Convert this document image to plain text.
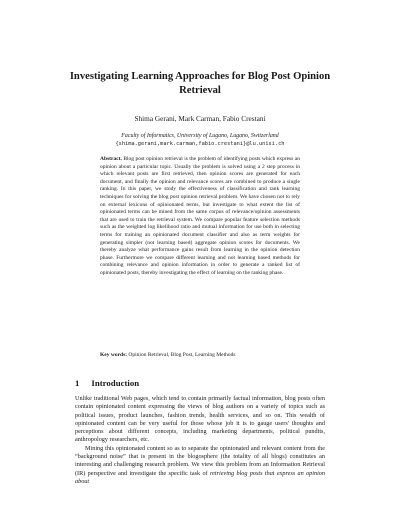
Investigating Learning Approaches for Blog Post Opinion Retrieval
Shima Gerani, Mark Carman, Fabio Crestani
Faculty of Informatics, University of Lugano, Lugano, Switzerland
{shima.gerani,mark.carman,fabio.crestani}@lu.unisi.ch
Abstract. Blog post opinion retrieval is the problem of identifying posts which express an opinion about a particular topic. Usually the problem is solved using a 2 step process in which relevant posts are first retrieved, then opinion scores are generated for each document, and finally the opinion and relevance scores are combined to produce a single ranking. In this paper, we study the effectiveness of classification and rank learning techniques for solving the blog post opinion retrieval problem. We have chosen not to rely on external lexicons of opinionated terms, but investigate to what extent the list of opinionated terms can be mined from the same corpus of relevance/opinion assessments that are used to train the retrieval system. We compare popular feature selection methods such as the weighted log likelihood ratio and mutual information for use both in selecting terms for training an opinionated document classifier and also as term weights for generating simpler (not learning based) aggregate opinion scores for documents. We thereby analyze what performance gains result from learning in the opinion detection phase. Furthermore we compare different learning and not learning based methods for combining relevance and opinion information in order to generate a ranked list of opinionated posts, thereby investigating the effect of learning on the ranking phase.
Key words: Opinion Retrieval, Blog Post, Learning Methods
1 Introduction

Unlike traditional Web pages, which tend to contain primarily factual information, blog posts often contain opinionated content expressing the views of blog authors on a variety of topics such as political issues, product launches, fashion trends, health services, and so on. This wealth of opinionated content can be very useful for those whose job it is to gauge users' thoughts and perceptions about different concepts, including marketing departments, political pundits, anthropology researchers, etc.

Mining this opinionated content so as to separate the opinionated and relevant content from the “background noise” that is present in the blogosphere (the totality of all blogs) constitutes an interesting and challenging research problem. We view this problem from an Information Retrieval (IR) perspective and investigate the specific task of retrieving blog posts that express an opinion about
